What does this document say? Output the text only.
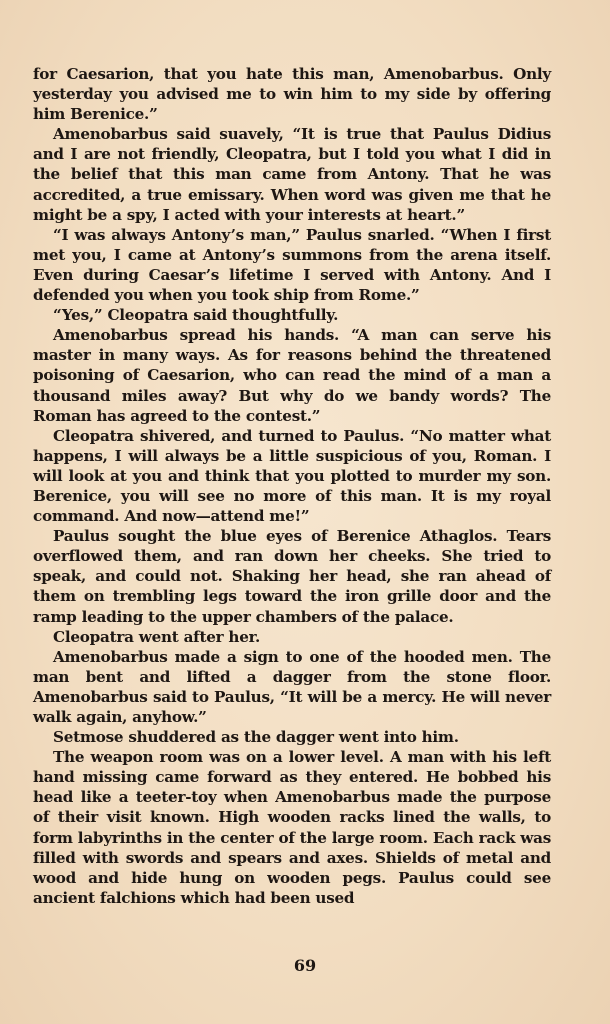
for Caesarion, that you hate this man, Amenobarbus. Only yesterday you advised me to win him to my side by offering him Berenice.”

Amenobarbus said suavely, “It is true that Paulus Didius and I are not friendly, Cleopatra, but I told you what I did in the belief that this man came from Antony. That he was accredited, a true emissary. When word was given me that he might be a spy, I acted with your interests at heart.”

“I was always Antony’s man,” Paulus snarled. “When I first met you, I came at Antony’s summons from the arena itself. Even during Caesar’s lifetime I served with Antony. And I defended you when you took ship from Rome.”

“Yes,” Cleopatra said thoughtfully.

Amenobarbus spread his hands. “A man can serve his master in many ways. As for reasons behind the threatened poisoning of Caesarion, who can read the mind of a man a thousand miles away? But why do we bandy words? The Roman has agreed to the contest.”

Cleopatra shivered, and turned to Paulus. “No matter what happens, I will always be a little suspicious of you, Roman. I will look at you and think that you plotted to murder my son. Berenice, you will see no more of this man. It is my royal command. And now—attend me!”

Paulus sought the blue eyes of Berenice Athaglos. Tears overflowed them, and ran down her cheeks. She tried to speak, and could not. Shaking her head, she ran ahead of them on trembling legs toward the iron grille door and the ramp leading to the upper chambers of the palace.

Cleopatra went after her.

Amenobarbus made a sign to one of the hooded men. The man bent and lifted a dagger from the stone floor. Amenobarbus said to Paulus, “It will be a mercy. He will never walk again, anyhow.”

Setmose shuddered as the dagger went into him.

The weapon room was on a lower level. A man with his left hand missing came forward as they entered. He bobbed his head like a teeter-toy when Amenobarbus made the purpose of their visit known. High wooden racks lined the walls, to form labyrinths in the center of the large room. Each rack was filled with swords and spears and axes. Shields of metal and wood and hide hung on wooden pegs. Paulus could see ancient falchions which had been used

69
